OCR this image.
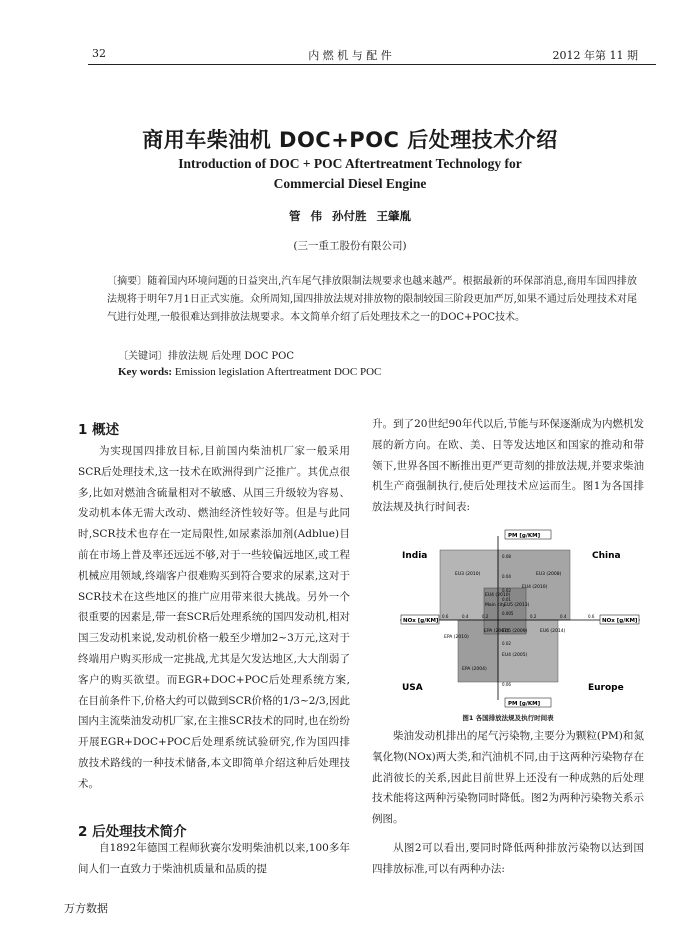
32	内 燃 机 与 配 件	2012 年第 11 期
商用车柴油机 DOC+POC 后处理技术介绍
Introduction of DOC + POC Aftertreatment Technology for
Commercial Diesel Engine
管 伟 孙付胜 王肇胤
(三一重工股份有限公司)
〔摘要〕随着国内环境问题的日益突出,汽车尾气排放限制法规要求也越来越严。根据最新的环保部消息,商用车国四排放法规将于明年7月1日正式实施。众所周知,国四排放法规对排放物的限制较国三阶段更加严厉,如果不通过后处理技术对尾气进行处理,一般很难达到排放法规要求。本文简单介绍了后处理技术之一的DOC+POC技术。
〔关键词〕排放法规 后处理 DOC POC
Key words: Emission legislation Aftertreatment DOC POC
1 概述

为实现国四排放目标,目前国内柴油机厂家一般采用SCR后处理技术,这一技术在欧洲得到广泛推广。其优点很多,比如对燃油含硫量相对不敏感、从国三升级较为容易、发动机本体无需大改动、燃油经济性较好等。但是与此同时,SCR技术也存在一定局限性,如尿素添加剂(Adblue)目前在市场上普及率还远远不够,对于一些较偏远地区,或工程机械应用领域,终端客户很难购买到符合要求的尿素,这对于SCR技术在这些地区的推广应用带来很大挑战。另外一个很重要的因素是,带一套SCR后处理系统的国四发动机,相对国三发动机来说,发动机价格一般至少增加2~3万元,这对于终端用户购买形成一定挑战,尤其是欠发达地区,大大削弱了客户的购买欲望。而EGR+DOC+POC后处理系统方案,在目前条件下,价格大约可以做到SCR价格的1/3~2/3,因此国内主流柴油发动机厂家,在主推SCR技术的同时,也在纷纷开展EGR+DOC+POC后处理系统试验研究,作为国四排放技术路线的一种技术储备,本文即简单介绍这种后处理技术。

2 后处理技术简介

自1892年德国工程师狄赛尔发明柴油机以来,100多年间人们一直致力于柴油机质量和品质的提

升。到了20世纪90年代以后,节能与环保逐渐成为内燃机发展的新方向。在欧、美、日等发达地区和国家的推动和带领下,世界各国不断推出更严更苛刻的排放法规,并要求柴油机生产商强制执行,使后处理技术应运而生。图1为各国排放法规及执行时间表:

PM [g/KM]
PM [g/KM]
NOx [g/KM]	NOx [g/KM]
India	China
USA	Europe
EU3 (2010)	EU3 (2008)
EU4 (2010)
EU4 (2010)
Main city
EU5 (2013)
EU6 (2014)
EPA (2007)
EU5 (2009)
EPA (2010)
EU4 (2005)
EPA (2004)
0.08
0.04
0.02
0.01
0.005
0.02
0.06
0.6	0.4	0.2	0.2	0.4	0.6
图1 各国排放法规及执行时间表

柴油发动机排出的尾气污染物,主要分为颗粒(PM)和氮氧化物(NOx)两大类,和汽油机不同,由于这两种污染物存在此消彼长的关系,因此目前世界上还没有一种成熟的后处理技术能将这两种污染物同时降低。图2为两种污染物关系示例图。

从图2可以看出,要同时降低两种排放污染物以达到国四排放标准,可以有两种办法:

万方数据
